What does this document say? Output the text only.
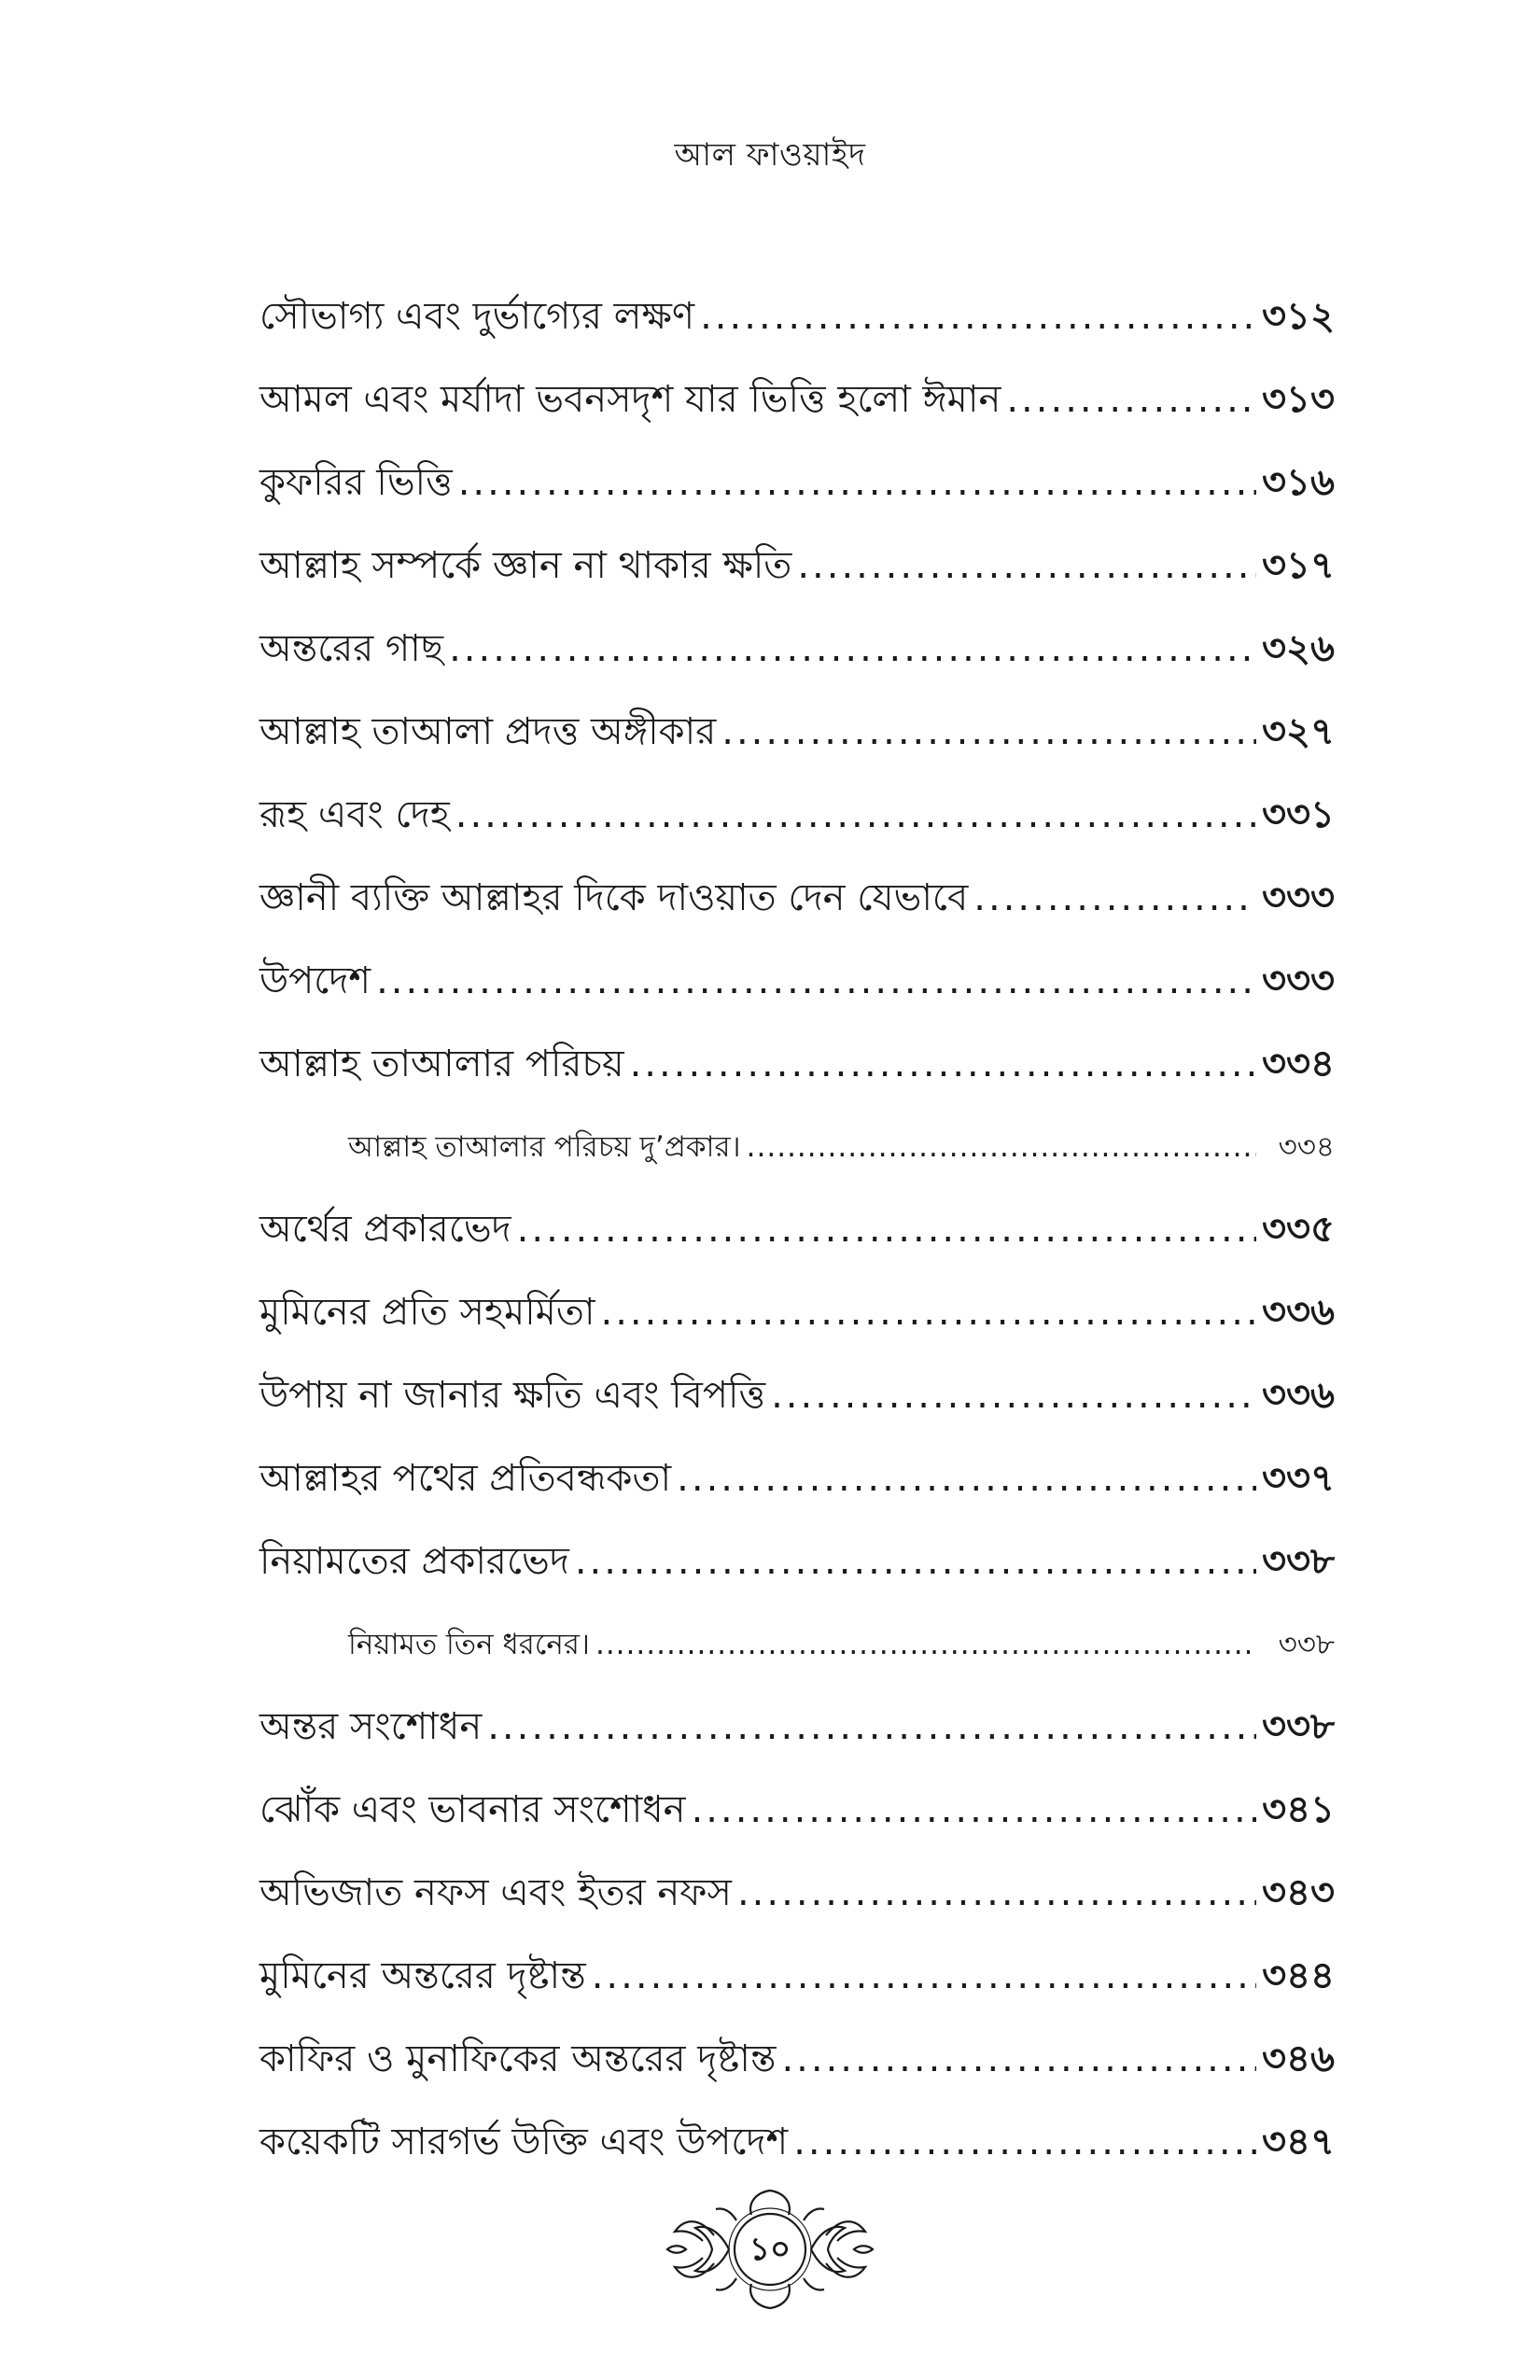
আল ফাওয়াইদ
সৌভাগ্য এবং দুর্ভাগ্যের লক্ষণ .....	৩১২
আমল এবং মর্যাদা ভবনসদৃশ যার ভিত্তি হলো ঈমান .....	৩১৩
কুফরির ভিত্তি .....	৩১৬
আল্লাহ সম্পর্কে জ্ঞান না থাকার ক্ষতি .....	৩১৭
অন্তরের গাছ .....	৩২৬
আল্লাহ তাআলা প্রদত্ত অঙ্গীকার .....	৩২৭
রূহ এবং দেহ .....	৩৩১
জ্ঞানী ব্যক্তি আল্লাহর দিকে দাওয়াত দেন যেভাবে .....	৩৩৩
উপদেশ .....	৩৩৩
আল্লাহ তাআলার পরিচয় .....	৩৩৪
আল্লাহ তাআলার পরিচয় দু’প্রকার। .....	৩৩৪
অর্থের প্রকারভেদ .....	৩৩৫
মুমিনের প্রতি সহমর্মিতা .....	৩৩৬
উপায় না জানার ক্ষতি এবং বিপত্তি .....	৩৩৬
আল্লাহর পথের প্রতিবন্ধকতা .....	৩৩৭
নিয়ামতের প্রকারভেদ .....	৩৩৮
নিয়ামত তিন ধরনের। .....	৩৩৮
অন্তর সংশোধন .....	৩৩৮
ঝোঁক এবং ভাবনার সংশোধন .....	৩৪১
অভিজাত নফস এবং ইতর নফস .....	৩৪৩
মুমিনের অন্তরের দৃষ্টান্ত .....	৩৪৪
কাফির ও মুনাফিকের অন্তরের দৃষ্টান্ত .....	৩৪৬
কয়েকটি সারগর্ভ উক্তি এবং উপদেশ .....	৩৪৭
১০
